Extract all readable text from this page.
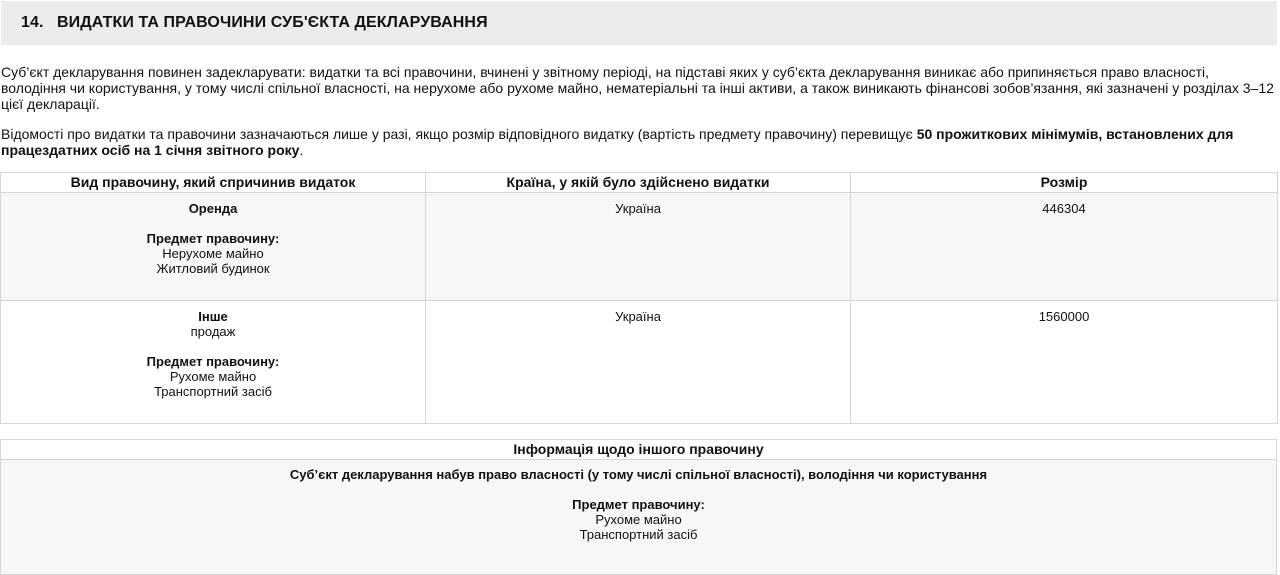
14. ВИДАТКИ ТА ПРАВОЧИНИ СУБ'ЄКТА ДЕКЛАРУВАННЯ
Суб’єкт декларування повинен задекларувати: видатки та всі правочини, вчинені у звітному періоді, на підставі яких у суб’єкта декларування виникає або припиняється право власності, володіння чи користування, у тому числі спільної власності, на нерухоме або рухоме майно, нематеріальні та інші активи, а також виникають фінансові зобов’язання, які зазначені у розділах 3–12 цієї декларації.
Відомості про видатки та правочини зазначаються лише у разі, якщо розмір відповідного видатку (вартість предмету правочину) перевищує 50 прожиткових мінімумів, встановлених для працездатних осіб на 1 січня звітного року.
Вид правочину, який спричинив видаток	Країна, у якій було здійснено видатки	Розмір

Оренда
Предмет правочину:
Нерухоме майно
Житловий будинок	Україна	446304

Інше
продаж
Предмет правочину:
Рухоме майно
Транспортний засіб	Україна	1560000
Інформація щодо іншого правочину

Суб’єкт декларування набув право власності (у тому числі спільної власності), володіння чи користування
Предмет правочину:
Рухоме майно
Транспортний засіб
